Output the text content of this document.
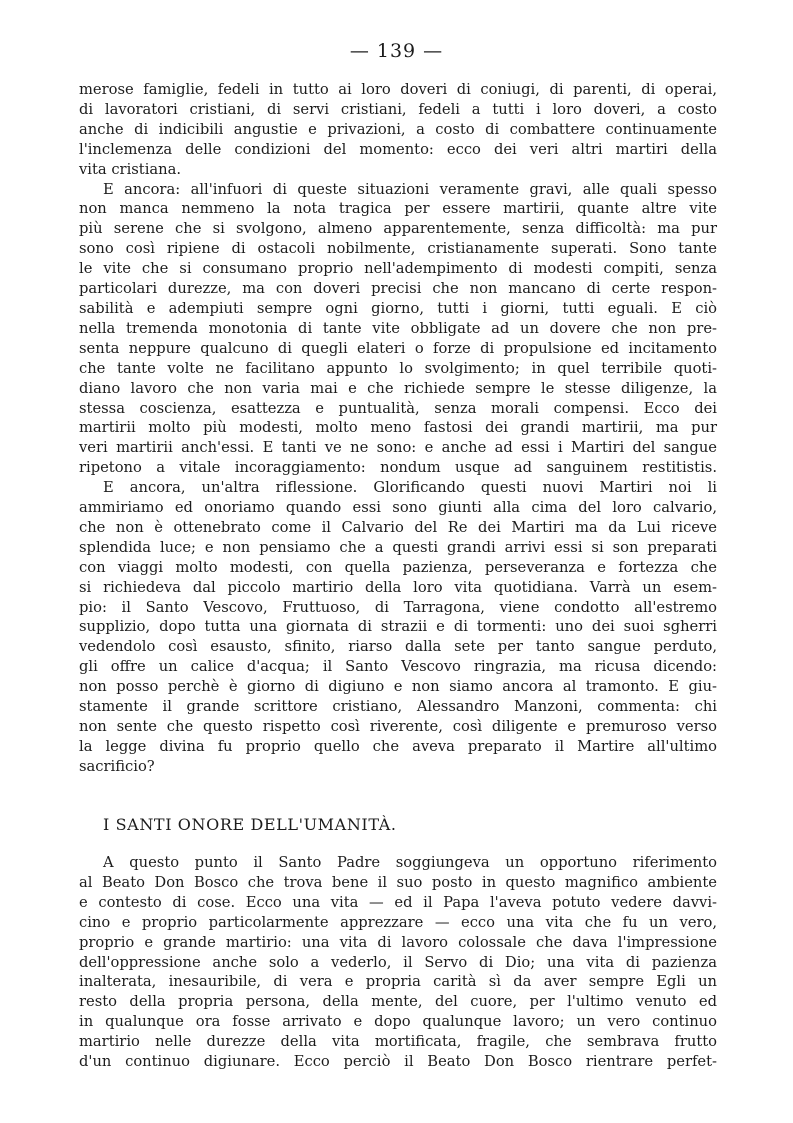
— 139 —
merose famiglie, fedeli in tutto ai loro doveri di coniugi, di parenti, di operai,
di lavoratori cristiani, di servi cristiani, fedeli a tutti i loro doveri, a costo
anche di indicibili angustie e privazioni, a costo di combattere continuamente
l'inclemenza delle condizioni del momento: ecco dei veri altri martiri della
vita cristiana.
E ancora: all'infuori di queste situazioni veramente gravi, alle quali spesso
non manca nemmeno la nota tragica per essere martirii, quante altre vite
più serene che si svolgono, almeno apparentemente, senza difficoltà: ma pur
sono così ripiene di ostacoli nobilmente, cristianamente superati. Sono tante
le vite che si consumano proprio nell'adempimento di modesti compiti, senza
particolari durezze, ma con doveri precisi che non mancano di certe respon-
sabilità e adempiuti sempre ogni giorno, tutti i giorni, tutti eguali. E ciò
nella tremenda monotonia di tante vite obbligate ad un dovere che non pre-
senta neppure qualcuno di quegli elateri o forze di propulsione ed incitamento
che tante volte ne facilitano appunto lo svolgimento; in quel terribile quoti-
diano lavoro che non varia mai e che richiede sempre le stesse diligenze, la
stessa coscienza, esattezza e puntualità, senza morali compensi. Ecco dei
martirii molto più modesti, molto meno fastosi dei grandi martirii, ma pur
veri martirii anch'essi. E tanti ve ne sono: e anche ad essi i Martiri del sangue
ripetono a vitale incoraggiamento: nondum usque ad sanguinem restitistis.
E ancora, un'altra riflessione. Glorificando questi nuovi Martiri noi li
ammiriamo ed onoriamo quando essi sono giunti alla cima del loro calvario,
che non è ottenebrato come il Calvario del Re dei Martiri ma da Lui riceve
splendida luce; e non pensiamo che a questi grandi arrivi essi si son preparati
con viaggi molto modesti, con quella pazienza, perseveranza e fortezza che
si richiedeva dal piccolo martirio della loro vita quotidiana. Varrà un esem-
pio: il Santo Vescovo, Fruttuoso, di Tarragona, viene condotto all'estremo
supplizio, dopo tutta una giornata di strazii e di tormenti: uno dei suoi sgherri
vedendolo così esausto, sfinito, riarso dalla sete per tanto sangue perduto,
gli offre un calice d'acqua; il Santo Vescovo ringrazia, ma ricusa dicendo:
non posso perchè è giorno di digiuno e non siamo ancora al tramonto. E giu-
stamente il grande scrittore cristiano, Alessandro Manzoni, commenta: chi
non sente che questo rispetto così riverente, così diligente e premuroso verso
la legge divina fu proprio quello che aveva preparato il Martire all'ultimo
sacrificio?
I SANTI ONORE DELL'UMANITÀ.
A questo punto il Santo Padre soggiungeva un opportuno riferimento
al Beato Don Bosco che trova bene il suo posto in questo magnifico ambiente
e contesto di cose. Ecco una vita — ed il Papa l'aveva potuto vedere davvi-
cino e proprio particolarmente apprezzare — ecco una vita che fu un vero,
proprio e grande martirio: una vita di lavoro colossale che dava l'impressione
dell'oppressione anche solo a vederlo, il Servo di Dio; una vita di pazienza
inalterata, inesauribile, di vera e propria carità sì da aver sempre Egli un
resto della propria persona, della mente, del cuore, per l'ultimo venuto ed
in qualunque ora fosse arrivato e dopo qualunque lavoro; un vero continuo
martirio nelle durezze della vita mortificata, fragile, che sembrava frutto
d'un continuo digiunare. Ecco perciò il Beato Don Bosco rientrare perfet-
